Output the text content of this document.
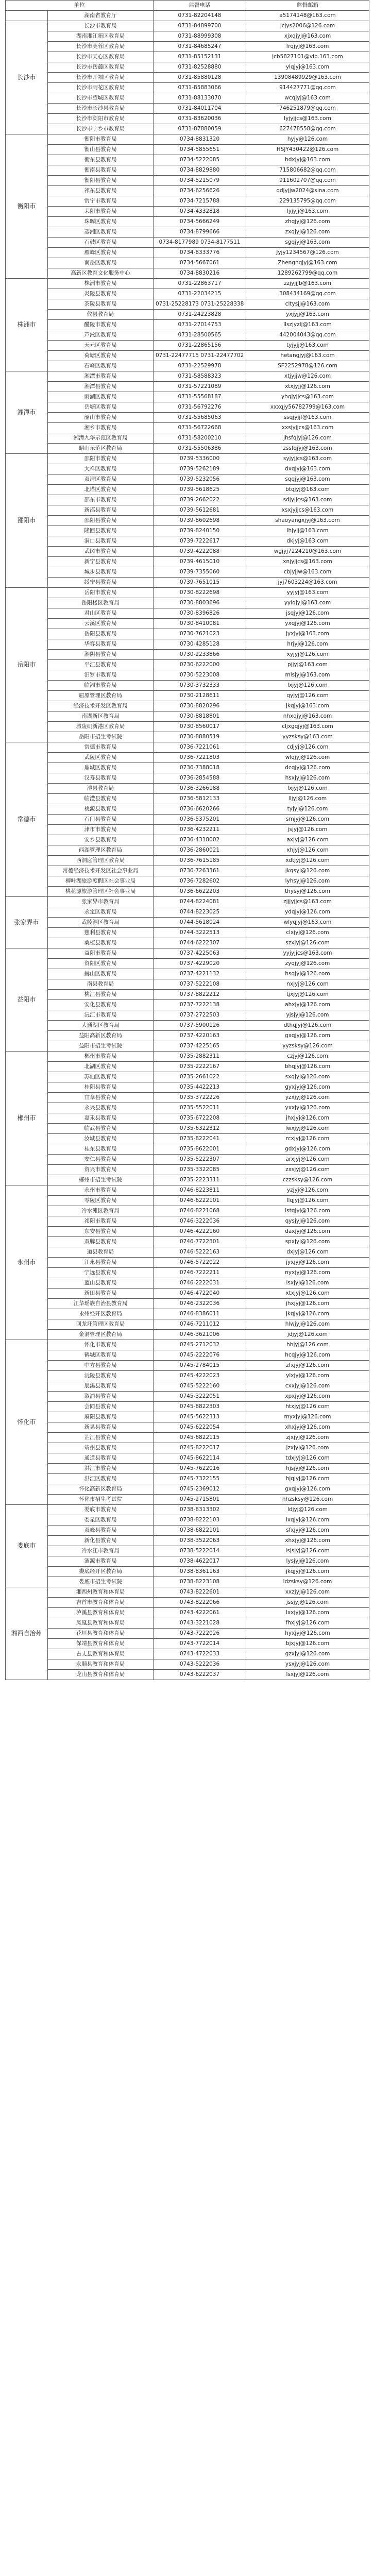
单位		监督电话	监督邮箱
	湖南省教育厅	0731-82204148	a5174148@163.com
长沙市	长沙市教育局	0731-84899700	jcjys2006@126.com
	湖南湘江新区教育局	0731-88999308	xjxqjyj@163.com
	长沙市芙蓉区教育局	0731-84685247	frqjyj@163.com
	长沙市天心区教育局	0731-85152131	jcb5827101@vip.163.com
	长沙市岳麓区教育局	0731-82528880	ylqjyj@163.com
	长沙市开福区教育局	0731-85880128	13908489929@163.com
	长沙市雨花区教育局	0731-85883066	914427771@qq.com
	长沙市望城区教育局	0731-88133070	wcqjyj@163.com
	长沙市长沙县教育局	0731-84011704	746251879@qq.com
	长沙市浏阳市教育局	0731-83620036	lyjyjjcs@163.com
	长沙市宁乡市教育局	0731-87880059	627478558@qq.com
衡阳市	衡阳市教育局	0734-8831320	hyjy@126.com
	衡山县教育局	0734-5855651	HSJY430422@126.com
	衡东县教育局	0734-5222085	hdxjyj@163.com
	衡南县教育局	0734-8829880	715806682@qq.com
	衡阳县教育局	0734-5215079	911602707@qq.com
	祁东县教育局	0734-6256626	qdjyjjw2024@sina.com
	常宁市教育局	0734-7215788	229135795@qq.com
	耒阳市教育局	0734-4332818	lyjyjj@163.com
	珠晖区教育局	0734-5666249	zhqjyj@126.com
	蒸湘区教育局	0734-8799666	zxqjyj@126.com
	石鼓区教育局	0734-8177989 0734-8177511	sgqjyj@163.com
	雁峰区教育局	0734-8333776	Jyjy1234567@126.com
	南岳区教育局	0734-5667061	Zhengnqjyj@163.com
	高新区教育文化服务中心	0734-8830216	1289262799@qq.com
株洲市	株洲市教育局	0731-22863717	zzjyjjjb@163.com
	炎陵县教育局	0731-22034215	308434169@qq.com
	茶陵县教育局	0731-25228173 0731-25228338	cltysjj@163.com
	攸县教育局	0731-24223828	yxjyjj@163.com
	醴陵市教育局	0731-27014753	llszjyzlj@163.com
	芦淞区教育局	0731-28500565	442004043@qq.com
	天元区教育局	0731-22865156	tyjyjj@163.com
	荷塘区教育局	0731-22477715 0731-22477702	hetangjyj@163.com
	石峰区教育局	0731-22529978	SF2252978@126.com
湘潭市	湘潭市教育局	0731-58588323	xtjyjjw@126.com
	湘潭县教育局	0731-57221089	xtxjyjj@126.com
	雨湖区教育局	0731-55568187	yhqjyjjcs@163.com
	岳塘区教育局	0731-56792276	xxxqjy56782799@163.com
	韶山市教育局	0731-55685063	ssqjyjjf@163.com
	湘乡市教育局	0731-56722668	xxsjyjjcs@163.com
	湘潭九华示范区教育局	0731-58200210	jhsfqjyj@126.com
	昭山示范区教育局	0731-55506386	zssfqjyj@163.com
邵阳市	邵阳市教育局	0739-5336000	syjyjjcs@163.com
	大祥区教育局	0739-5262189	dxqjyj@163.com
	双清区教育局	0739-5232056	sqqjyj@163.com
	北塔区教育局	0739-5618625	btqjyj@163.com
	邵东市教育局	0739-2662022	sdjyjjcs@163.com
	新邵县教育局	0739-5612681	xsxjyjjcs@163.com
	邵阳县教育局	0739-8602698	shaoyangxjyj@163.com
	隆回县教育局	0739-8240150	lhjyjj@163.com
	洞口县教育局	0739-7222617	dkjyj@163.com
	武冈市教育局	0739-4222088	wgjyj7224210@163.com
	新宁县教育局	0739-4615010	xnjyjjcs@163.com
	城步县教育局	0739-7355060	cbjyjjw@163.com
	绥宁县教育局	0739-7651015	jyj7603224@163.com
岳阳市	岳阳市教育局	0730-8222698	yyjyj@163.com
	岳阳楼区教育局	0730-8803696	yylqjyj@163.com
	君山区教育局	0730-8396826	jsqjyj@126.com
	云溪区教育局	0730-8410081	yxqjyj@126.com
	岳阳县教育局	0730-7621023	jyxjyj@163.com
	华容县教育局	0730-4285128	hrjyj@126.com
	湘阴县教育局	0730-2233866	xyjyj@126.com
	平江县教育局	0730-6222000	pjjyj@163.com
	汨罗市教育局	0730-5223008	mlsjyj@163.com
	临湘市教育局	0730-3732333	lxjyj@126.com
	屈原管理区教育局	0730-2128611	qyjyj@126.com
	经济技术开发区教育局	0730-8820296	jkqjyj@163.com
	南湖新区教育局	0730-8818801	nhxqjyj@163.com
	城陵矶新港区教育局	0730-8560017	cljxgqjyj@163.com
	岳阳市招生考试院	0730-8880519	yyzsksy@163.com
常德市	常德市教育局	0736-7221061	cdjyj@126.com
	武陵区教育局	0736-7221803	wlqjyj@126.com
	鼎城区教育局	0736-7388018	dcqjyj@126.com
	汉寿县教育局	0736-2854588	hsxjyj@126.com
	澧县教育局	0736-3266188	lxjyj@126.com
	临澧县教育局	0736-5812133	lljyj@126.com
	桃源县教育局	0736-6620266	tyjyj@126.com
	石门县教育局	0736-5375201	smjyj@126.com
	津市市教育局	0736-4232211	jsjyj@126.com
	安乡县教育局	0736-4318002	axjyj@126.com
	西湖管理区教育局	0736-2860021	xhjyj@126.com
	西洞庭管理区教育局	0736-7615185	xdtjyj@126.com
	常德经济技术开发区社会事业局	0736-7263361	jkqsyj@126.com
	柳叶湖旅游度假区社会事业局	0736-7282602	lyhsyj@126.com
	桃花源旅游管理区社会事业局	0736-6622203	thysyj@126.com
张家界市	张家界市教育局	0744-8224081	zjjjyjjcs@163.com
	永定区教育局	0744-8223025	ydqjyj@126.com
	武陵源区教育局	0744-5618024	wlyqjyj@163.com
	慈利县教育局	0744-3222513	clxjyj@126.com
	桑植县教育局	0744-6222307	szxjyj@126.com
益阳市	益阳市教育局	0737-4225063	yyjyjjcs@163.com
	资阳区教育局	0737-4229020	zyqjyj@126.com
	赫山区教育局	0737-4221132	hsqjyj@126.com
	南县教育局	0737-5222108	nxjyj@126.com
	桃江县教育局	0737-8822212	tjxjyj@126.com
	安化县教育局	0737-7222138	ahxjyj@126.com
	沅江市教育局	0737-2722503	yjsjyj@126.com
	大通湖区教育局	0737-5900126	dthqjyj@126.com
	益阳高新区教育局	0737-4220163	gxqjyj@126.com
	益阳市招生考试院	0737-4225165	yyzsksy@126.com
郴州市	郴州市教育局	0735-2882311	czjyj@126.com
	北湖区教育局	0735-2222167	bhqjyj@126.com
	苏仙区教育局	0735-2661022	sxqjyj@126.com
	桂阳县教育局	0735-4422213	gyxjyj@126.com
	宜章县教育局	0735-3722226	yzxjyj@126.com
	永兴县教育局	0735-5522011	yxxjyj@126.com
	嘉禾县教育局	0735-6722208	jhxjyj@126.com
	临武县教育局	0735-6322312	lwxjyj@126.com
	汝城县教育局	0735-8222041	rcxjyj@126.com
	桂东县教育局	0735-8622001	gdxjyj@126.com
	安仁县教育局	0735-5222307	arxjyj@126.com
	资兴市教育局	0735-3322085	zxsjyj@126.com
	郴州市招生考试院	0735-2223311	czzsksy@126.com
永州市	永州市教育局	0746-8223811	yzjyj@126.com
	零陵区教育局	0746-6222101	llqjyj@126.com
	冷水滩区教育局	0746-8221068	lstqjyj@126.com
	祁阳市教育局	0746-3222036	qysjyj@126.com
	东安县教育局	0746-4222160	daxjyj@126.com
	双牌县教育局	0746-7722301	spxjyj@126.com
	道县教育局	0746-5222163	dxjyj@126.com
	江永县教育局	0746-5722022	jyxjyj@126.com
	宁远县教育局	0746-7222211	nyxjyj@126.com
	蓝山县教育局	0746-2222031	lsxjyj@126.com
	新田县教育局	0746-4722040	xtxjyj@126.com
	江华瑶族自治县教育局	0746-2322036	jhxjyj@126.com
	永州经开区教育局	0746-8386011	jkqjyj@126.com
	回龙圩管理区教育局	0746-7211012	hlwjyj@126.com
	金洞管理区教育局	0746-3621006	jdjyj@126.com
怀化市	怀化市教育局	0745-2712032	hhjyj@126.com
	鹤城区教育局	0745-2222076	hcqjyj@126.com
	中方县教育局	0745-2784015	zfxjyj@126.com
	沅陵县教育局	0745-4222023	ylxjyj@126.com
	辰溪县教育局	0745-5222160	cxxjyj@126.com
	溆浦县教育局	0745-3222051	xpxjyj@126.com
	会同县教育局	0745-8822303	htxjyj@126.com
	麻阳县教育局	0745-5622313	myxjyj@126.com
	新晃县教育局	0745-6222054	xhxjyj@126.com
	芷江县教育局	0745-6822115	zjxjyj@126.com
	靖州县教育局	0745-8222017	jzxjyj@126.com
	通道县教育局	0745-8622114	tdxjyj@126.com
	洪江市教育局	0745-7622016	hjsjyj@126.com
	洪江区教育局	0745-7322155	hjqjyj@126.com
	怀化高新区教育局	0745-2369012	gxqjyj@126.com
	怀化市招生考试院	0745-2715801	hhzsksy@126.com
娄底市	娄底市教育局	0738-8313302	ldjyj@126.com
	娄星区教育局	0738-8222103	lxqjyj@126.com
	双峰县教育局	0738-6822101	sfxjyj@126.com
	新化县教育局	0738-3522063	xhxjyj@126.com
	冷水江市教育局	0738-5222014	lsjsjyj@126.com
	涟源市教育局	0738-4622017	lysjyj@126.com
	娄底经开区教育局	0738-8361163	jkqjyj@126.com
	娄底市招生考试院	0738-8223108	ldzsksy@126.com
湘西自治州	湘西州教育和体育局	0743-8222601	xxzjyj@126.com
	吉首市教育和体育局	0743-8222066	jssjyj@126.com
	泸溪县教育和体育局	0743-4222061	lxxjyj@126.com
	凤凰县教育和体育局	0743-3221028	fhxjyj@126.com
	花垣县教育和体育局	0743-7222026	hyxjyj@126.com
	保靖县教育和体育局	0743-7722014	bjxjyj@126.com
	古丈县教育和体育局	0743-4722033	gzxjyj@126.com
	永顺县教育和体育局	0743-5222036	ysxjyj@126.com
	龙山县教育和体育局	0743-6222037	lsxjyj@126.com
